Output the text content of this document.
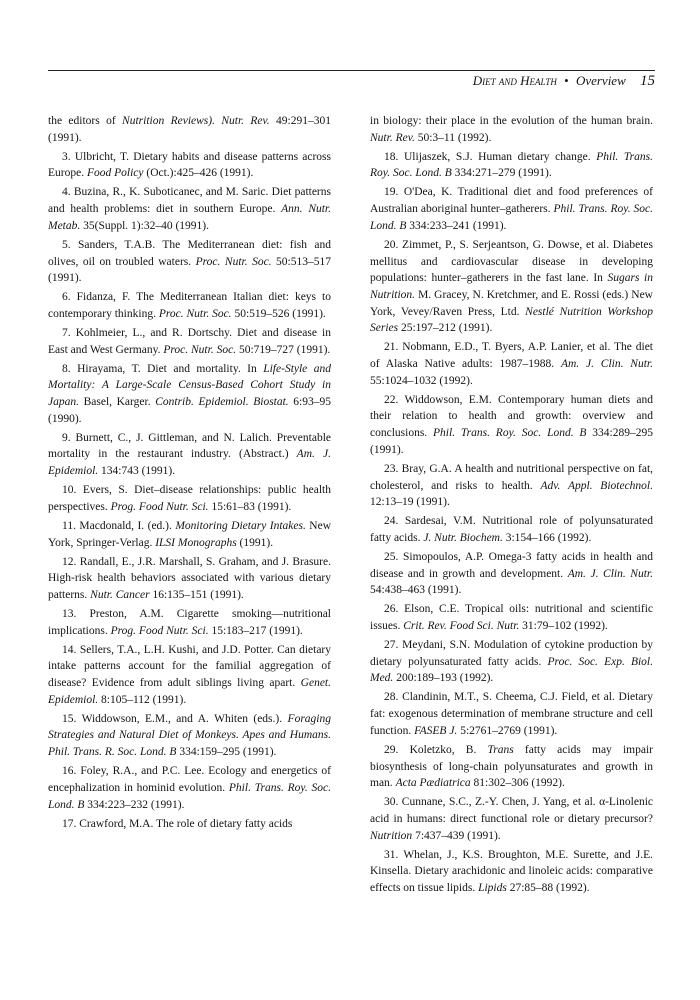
Diet and Health • Overview 15

the editors of Nutrition Reviews). Nutr. Rev. 49:291–301 (1991).

3. Ulbricht, T. Dietary habits and disease patterns across Europe. Food Policy (Oct.):425–426 (1991).

4. Buzina, R., K. Suboticanec, and M. Saric. Diet patterns and health problems: diet in southern Europe. Ann. Nutr. Metab. 35(Suppl. 1):32–40 (1991).

5. Sanders, T.A.B. The Mediterranean diet: fish and olives, oil on troubled waters. Proc. Nutr. Soc. 50:513–517 (1991).

6. Fidanza, F. The Mediterranean Italian diet: keys to contemporary thinking. Proc. Nutr. Soc. 50:519–526 (1991).

7. Kohlmeier, L., and R. Dortschy. Diet and disease in East and West Germany. Proc. Nutr. Soc. 50:719–727 (1991).

8. Hirayama, T. Diet and mortality. In Life-Style and Mortality: A Large-Scale Census-Based Cohort Study in Japan. Basel, Karger. Contrib. Epidemiol. Biostat. 6:93–95 (1990).

9. Burnett, C., J. Gittleman, and N. Lalich. Preventable mortality in the restaurant industry. (Abstract.) Am. J. Epidemiol. 134:743 (1991).

10. Evers, S. Diet–disease relationships: public health perspectives. Prog. Food Nutr. Sci. 15:61–83 (1991).

11. Macdonald, I. (ed.). Monitoring Dietary Intakes. New York, Springer-Verlag. ILSI Monographs (1991).

12. Randall, E., J.R. Marshall, S. Graham, and J. Brasure. High-risk health behaviors associated with various dietary patterns. Nutr. Cancer 16:135–151 (1991).

13. Preston, A.M. Cigarette smoking—nutritional implications. Prog. Food Nutr. Sci. 15:183–217 (1991).

14. Sellers, T.A., L.H. Kushi, and J.D. Potter. Can dietary intake patterns account for the familial aggregation of disease? Evidence from adult siblings living apart. Genet. Epidemiol. 8:105–112 (1991).

15. Widdowson, E.M., and A. Whiten (eds.). Foraging Strategies and Natural Diet of Monkeys. Apes and Humans. Phil. Trans. R. Soc. Lond. B 334:159–295 (1991).

16. Foley, R.A., and P.C. Lee. Ecology and energetics of encephalization in hominid evolution. Phil. Trans. Roy. Soc. Lond. B 334:223–232 (1991).

17. Crawford, M.A. The role of dietary fatty acids

in biology: their place in the evolution of the human brain. Nutr. Rev. 50:3–11 (1992).

18. Ulijaszek, S.J. Human dietary change. Phil. Trans. Roy. Soc. Lond. B 334:271–279 (1991).

19. O'Dea, K. Traditional diet and food preferences of Australian aboriginal hunter–gatherers. Phil. Trans. Roy. Soc. Lond. B 334:233–241 (1991).

20. Zimmet, P., S. Serjeantson, G. Dowse, et al. Diabetes mellitus and cardiovascular disease in developing populations: hunter–gatherers in the fast lane. In Sugars in Nutrition. M. Gracey, N. Kretchmer, and E. Rossi (eds.) New York, Vevey/Raven Press, Ltd. Nestlé Nutrition Workshop Series 25:197–212 (1991).

21. Nobmann, E.D., T. Byers, A.P. Lanier, et al. The diet of Alaska Native adults: 1987–1988. Am. J. Clin. Nutr. 55:1024–1032 (1992).

22. Widdowson, E.M. Contemporary human diets and their relation to health and growth: overview and conclusions. Phil. Trans. Roy. Soc. Lond. B 334:289–295 (1991).

23. Bray, G.A. A health and nutritional perspective on fat, cholesterol, and risks to health. Adv. Appl. Biotechnol. 12:13–19 (1991).

24. Sardesai, V.M. Nutritional role of polyunsaturated fatty acids. J. Nutr. Biochem. 3:154–166 (1992).

25. Simopoulos, A.P. Omega-3 fatty acids in health and disease and in growth and development. Am. J. Clin. Nutr. 54:438–463 (1991).

26. Elson, C.E. Tropical oils: nutritional and scientific issues. Crit. Rev. Food Sci. Nutr. 31:79–102 (1992).

27. Meydani, S.N. Modulation of cytokine production by dietary polyunsaturated fatty acids. Proc. Soc. Exp. Biol. Med. 200:189–193 (1992).

28. Clandinin, M.T., S. Cheema, C.J. Field, et al. Dietary fat: exogenous determination of membrane structure and cell function. FASEB J. 5:2761–2769 (1991).

29. Koletzko, B. Trans fatty acids may impair biosynthesis of long-chain polyunsaturates and growth in man. Acta Pædiatrica 81:302–306 (1992).

30. Cunnane, S.C., Z.-Y. Chen, J. Yang, et al. α-Linolenic acid in humans: direct functional role or dietary precursor? Nutrition 7:437–439 (1991).

31. Whelan, J., K.S. Broughton, M.E. Surette, and J.E. Kinsella. Dietary arachidonic and linoleic acids: comparative effects on tissue lipids. Lipids 27:85–88 (1992).
